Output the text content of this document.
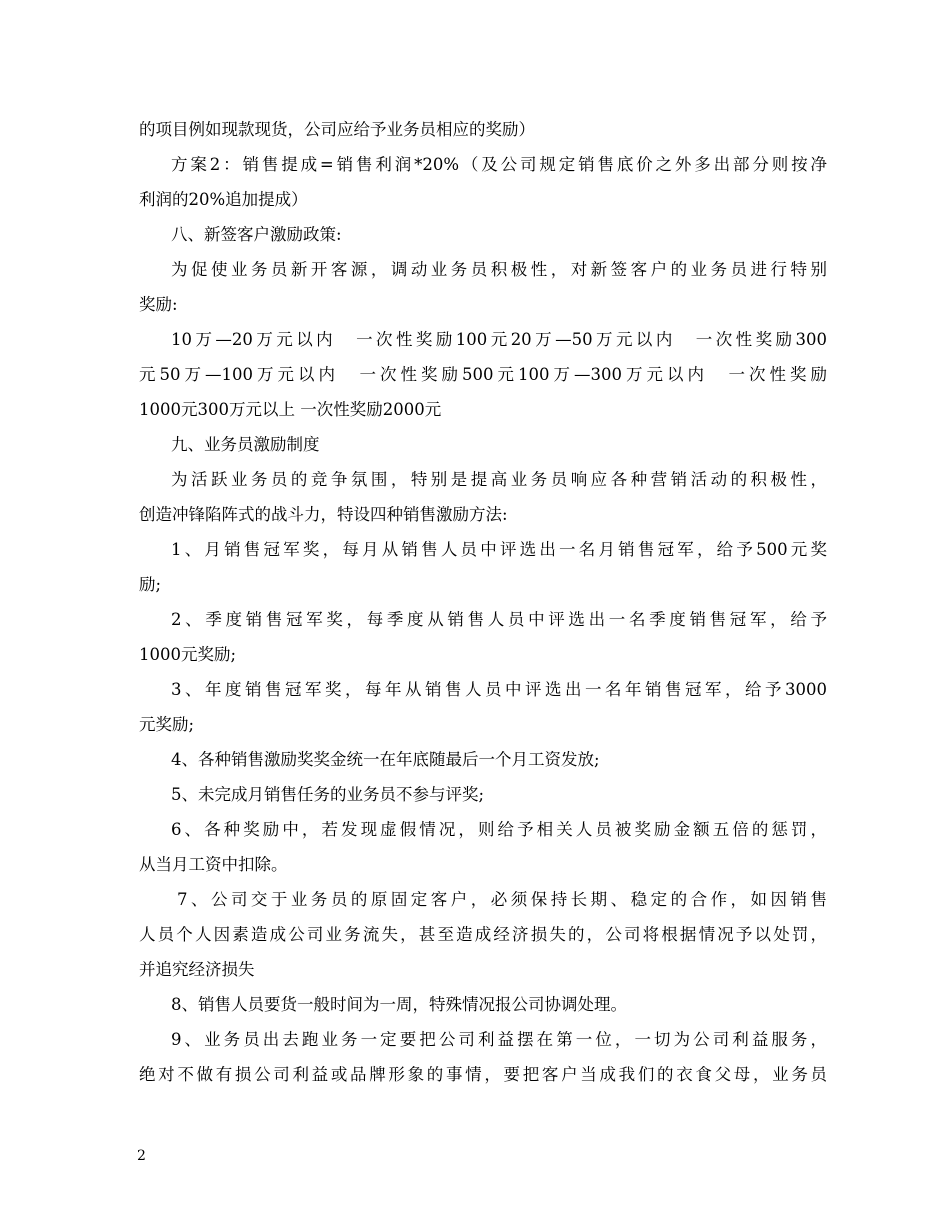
的项目例如现款现货，公司应给予业务员相应的奖励）
方案2：销售提成=销售利润*20%（及公司规定销售底价之外多出部分则按净
利润的20%追加提成）
八、新签客户激励政策:
为促使业务员新开客源，调动业务员积极性，对新签客户的业务员进行特别
奖励:
10万—20万元以内　一次性奖励100元20万—50万元以内　一次性奖励300
元50万—100万元以内　一次性奖励500元100万—300万元以内　一次性奖励
1000元300万元以上 一次性奖励2000元
九、业务员激励制度
为活跃业务员的竞争氛围，特别是提高业务员响应各种营销活动的积极性，
创造冲锋陷阵式的战斗力，特设四种销售激励方法:
1、月销售冠军奖，每月从销售人员中评选出一名月销售冠军，给予500元奖
励;
2、季度销售冠军奖，每季度从销售人员中评选出一名季度销售冠军，给予
1000元奖励;
3、年度销售冠军奖，每年从销售人员中评选出一名年销售冠军，给予3000
元奖励;
4、各种销售激励奖奖金统一在年底随最后一个月工资发放;
5、未完成月销售任务的业务员不参与评奖;
6、各种奖励中，若发现虚假情况，则给予相关人员被奖励金额五倍的惩罚，
从当月工资中扣除。
7、公司交于业务员的原固定客户，必须保持长期、稳定的合作，如因销售
人员个人因素造成公司业务流失，甚至造成经济损失的，公司将根据情况予以处罚，
并追究经济损失
8、销售人员要货一般时间为一周，特殊情况报公司协调处理。
9、业务员出去跑业务一定要把公司利益摆在第一位，一切为公司利益服务，
绝对不做有损公司利益或品牌形象的事情，要把客户当成我们的衣食父母，业务员
2
